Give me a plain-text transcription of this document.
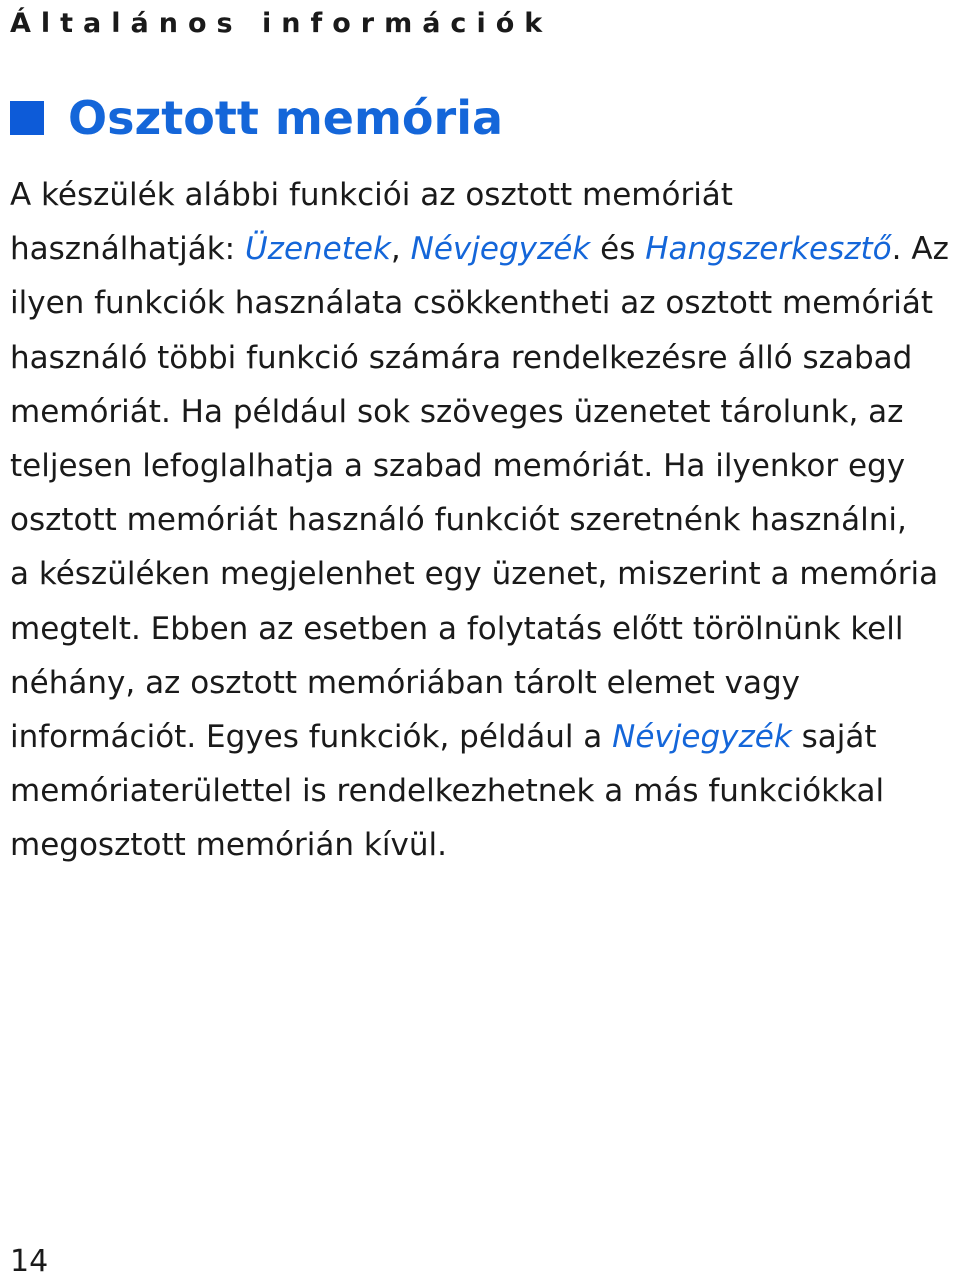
Általános információk
Osztott memória
A készülék alábbi funkciói az osztott memóriát
használhatják: Üzenetek, Névjegyzék és Hangszerkesztő. Az
ilyen funkciók használata csökkentheti az osztott memóriát
használó többi funkció számára rendelkezésre álló szabad
memóriát. Ha például sok szöveges üzenetet tárolunk, az
teljesen lefoglalhatja a szabad memóriát. Ha ilyenkor egy
osztott memóriát használó funkciót szeretnénk használni,
a készüléken megjelenhet egy üzenet, miszerint a memória
megtelt. Ebben az esetben a folytatás előtt törölnünk kell
néhány, az osztott memóriában tárolt elemet vagy
információt. Egyes funkciók, például a Névjegyzék saját
memóriaterülettel is rendelkezhetnek a más funkciókkal
megosztott memórián kívül.
14
